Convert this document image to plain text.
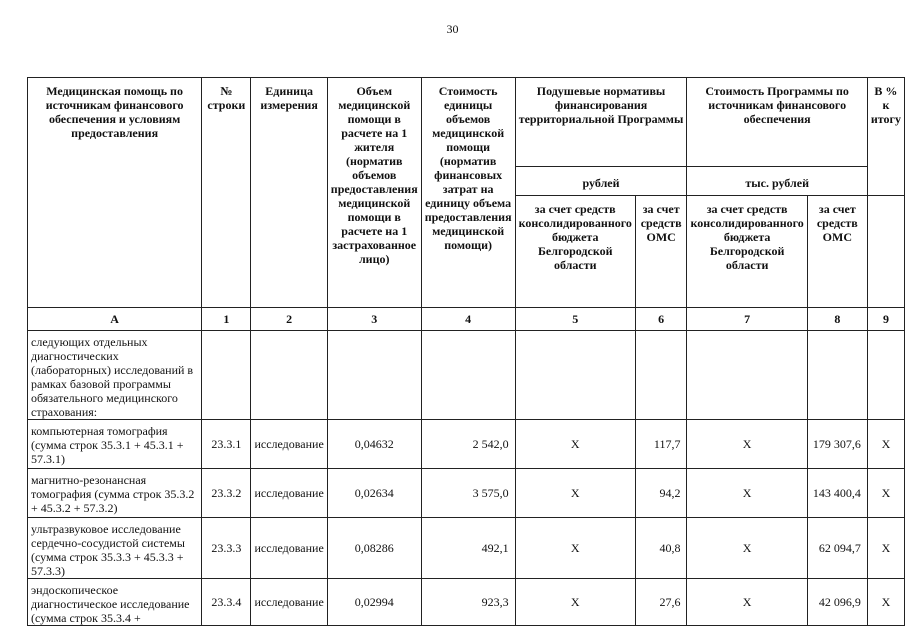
30
Медицинская помощь по источникам финансового обеспечения и условиям предоставления	№ строки	Единица измерения	Объем медицинской помощи в расчете на 1 жителя (норматив объемов предоставления медицинской помощи в расчете на 1 застрахованное лицо)	Стоимость единицы объемов медицинской помощи (норматив финансовых затрат на единицу объема предоставления медицинской помощи)	Подушевые нормативы финансирования территориальной Программы		Стоимость Программы по источникам финансового обеспечения		В % к итогу
					рублей		тыс. рублей		
					за счет средств консолидированного бюджета Белгородской области	за счет средств ОМС	за счет средств консолидированного бюджета Белгородской области	за счет средств ОМС	
А	1	2	3	4	5	6	7	8	9
следующих отдельных диагностических (лабораторных) исследований в рамках базовой программы обязательного медицинского страхования:									
компьютерная томография (сумма строк 35.3.1 + 45.3.1 + 57.3.1)	23.3.1	исследование	0,04632	2 542,0	Х	117,7	Х	179 307,6	Х
магнитно-резонансная томография (сумма строк 35.3.2 + 45.3.2 + 57.3.2)	23.3.2	исследование	0,02634	3 575,0	Х	94,2	Х	143 400,4	Х
ультразвуковое исследование сердечно-сосудистой системы (сумма строк 35.3.3 + 45.3.3 + 57.3.3)	23.3.3	исследование	0,08286	492,1	Х	40,8	Х	62 094,7	Х
эндоскопическое диагностическое исследование (сумма строк 35.3.4 +	23.3.4	исследование	0,02994	923,3	Х	27,6	Х	42 096,9	Х
